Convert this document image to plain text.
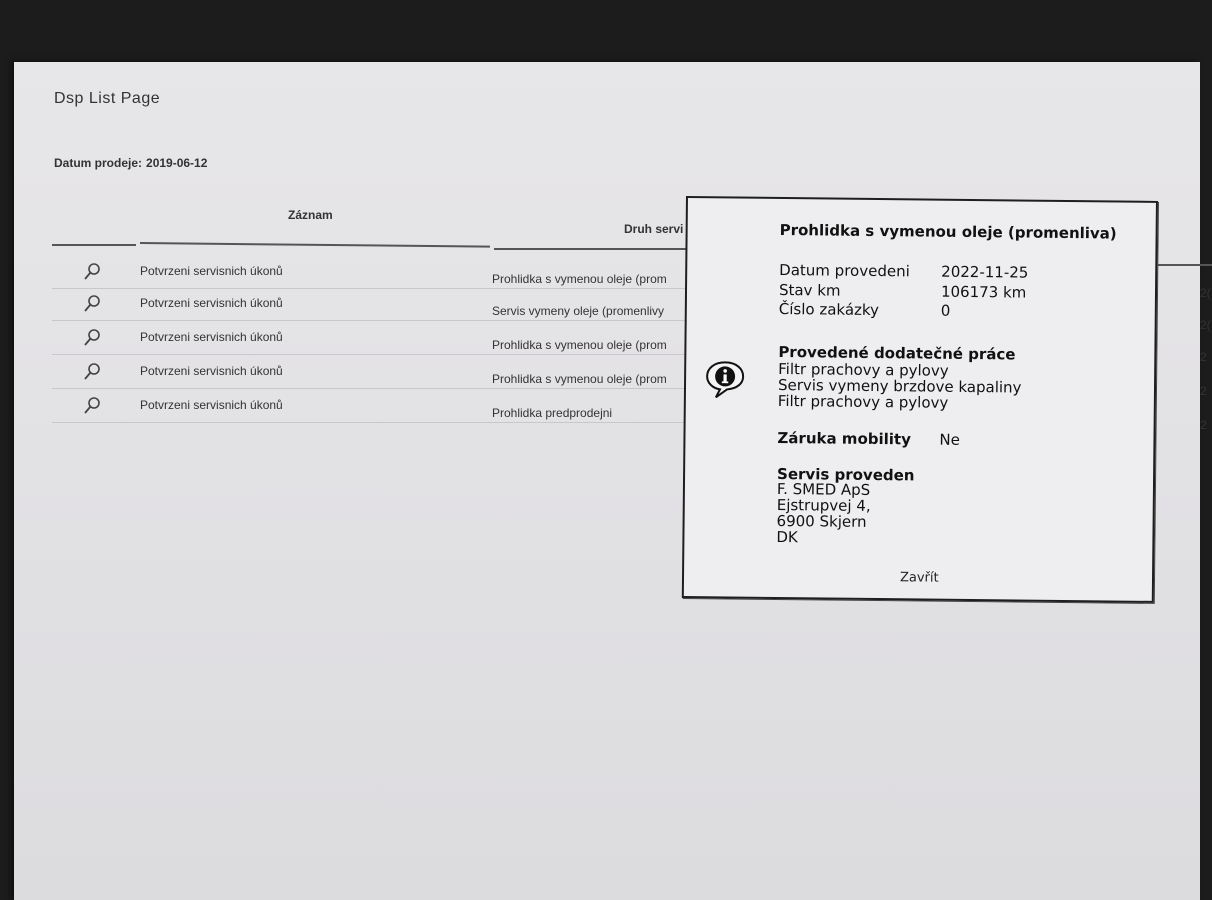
Dsp List Page
Datum prodeje: 2019-06-12
Záznam
Druh servi
Potvrzeni servisnich úkonů
Prohlidka s vymenou oleje (prom
Potvrzeni servisnich úkonů
Servis vymeny oleje (promenlivy
Potvrzeni servisnich úkonů
Prohlidka s vymenou oleje (prom
Potvrzeni servisnich úkonů
Prohlidka s vymenou oleje (prom
Potvrzeni servisnich úkonů
Prohlidka predprodejni
2(
2(
2
2
2
Prohlidka s vymenou oleje (promenliva)
Datum provedeni 2022-11-25
Stav km	106173 km
Číslo zakázky	0
Provedené dodatečné práce
Filtr prachovy a pylovy
Servis vymeny brzdove kapaliny
Filtr prachovy a pylovy
Záruka mobility Ne
Servis proveden
F. SMED ApS
Ejstrupvej 4,
6900 Skjern
DK
Zavřít
